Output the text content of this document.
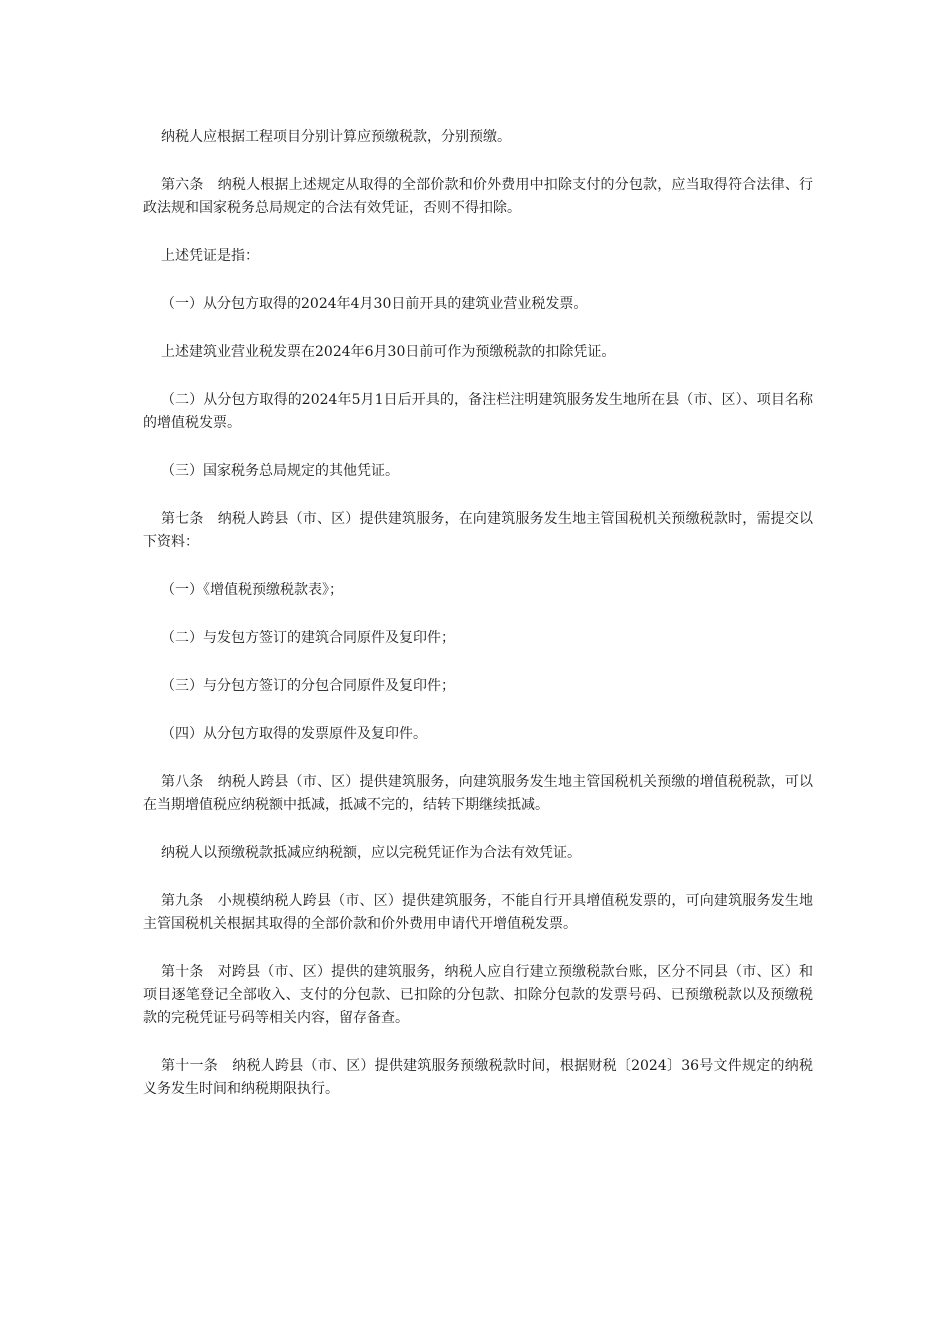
纳税人应根据工程项目分别计算应预缴税款，分别预缴。

第六条　纳税人根据上述规定从取得的全部价款和价外费用中扣除支付的分包款，应当取得符合法律、行政法规和国家税务总局规定的合法有效凭证，否则不得扣除。

上述凭证是指：

（一）从分包方取得的2024年4月30日前开具的建筑业营业税发票。

上述建筑业营业税发票在2024年6月30日前可作为预缴税款的扣除凭证。

（二）从分包方取得的2024年5月1日后开具的，备注栏注明建筑服务发生地所在县（市、区）、项目名称的增值税发票。

（三）国家税务总局规定的其他凭证。

第七条　纳税人跨县（市、区）提供建筑服务，在向建筑服务发生地主管国税机关预缴税款时，需提交以下资料：

（一）《增值税预缴税款表》；

（二）与发包方签订的建筑合同原件及复印件；

（三）与分包方签订的分包合同原件及复印件；

（四）从分包方取得的发票原件及复印件。

第八条　纳税人跨县（市、区）提供建筑服务，向建筑服务发生地主管国税机关预缴的增值税税款，可以在当期增值税应纳税额中抵减，抵减不完的，结转下期继续抵减。

纳税人以预缴税款抵减应纳税额，应以完税凭证作为合法有效凭证。

第九条　小规模纳税人跨县（市、区）提供建筑服务，不能自行开具增值税发票的，可向建筑服务发生地主管国税机关根据其取得的全部价款和价外费用申请代开增值税发票。

第十条　对跨县（市、区）提供的建筑服务，纳税人应自行建立预缴税款台账，区分不同县（市、区）和项目逐笔登记全部收入、支付的分包款、已扣除的分包款、扣除分包款的发票号码、已预缴税款以及预缴税款的完税凭证号码等相关内容，留存备查。

第十一条　纳税人跨县（市、区）提供建筑服务预缴税款时间，根据财税〔2024〕36号文件规定的纳税义务发生时间和纳税期限执行。
